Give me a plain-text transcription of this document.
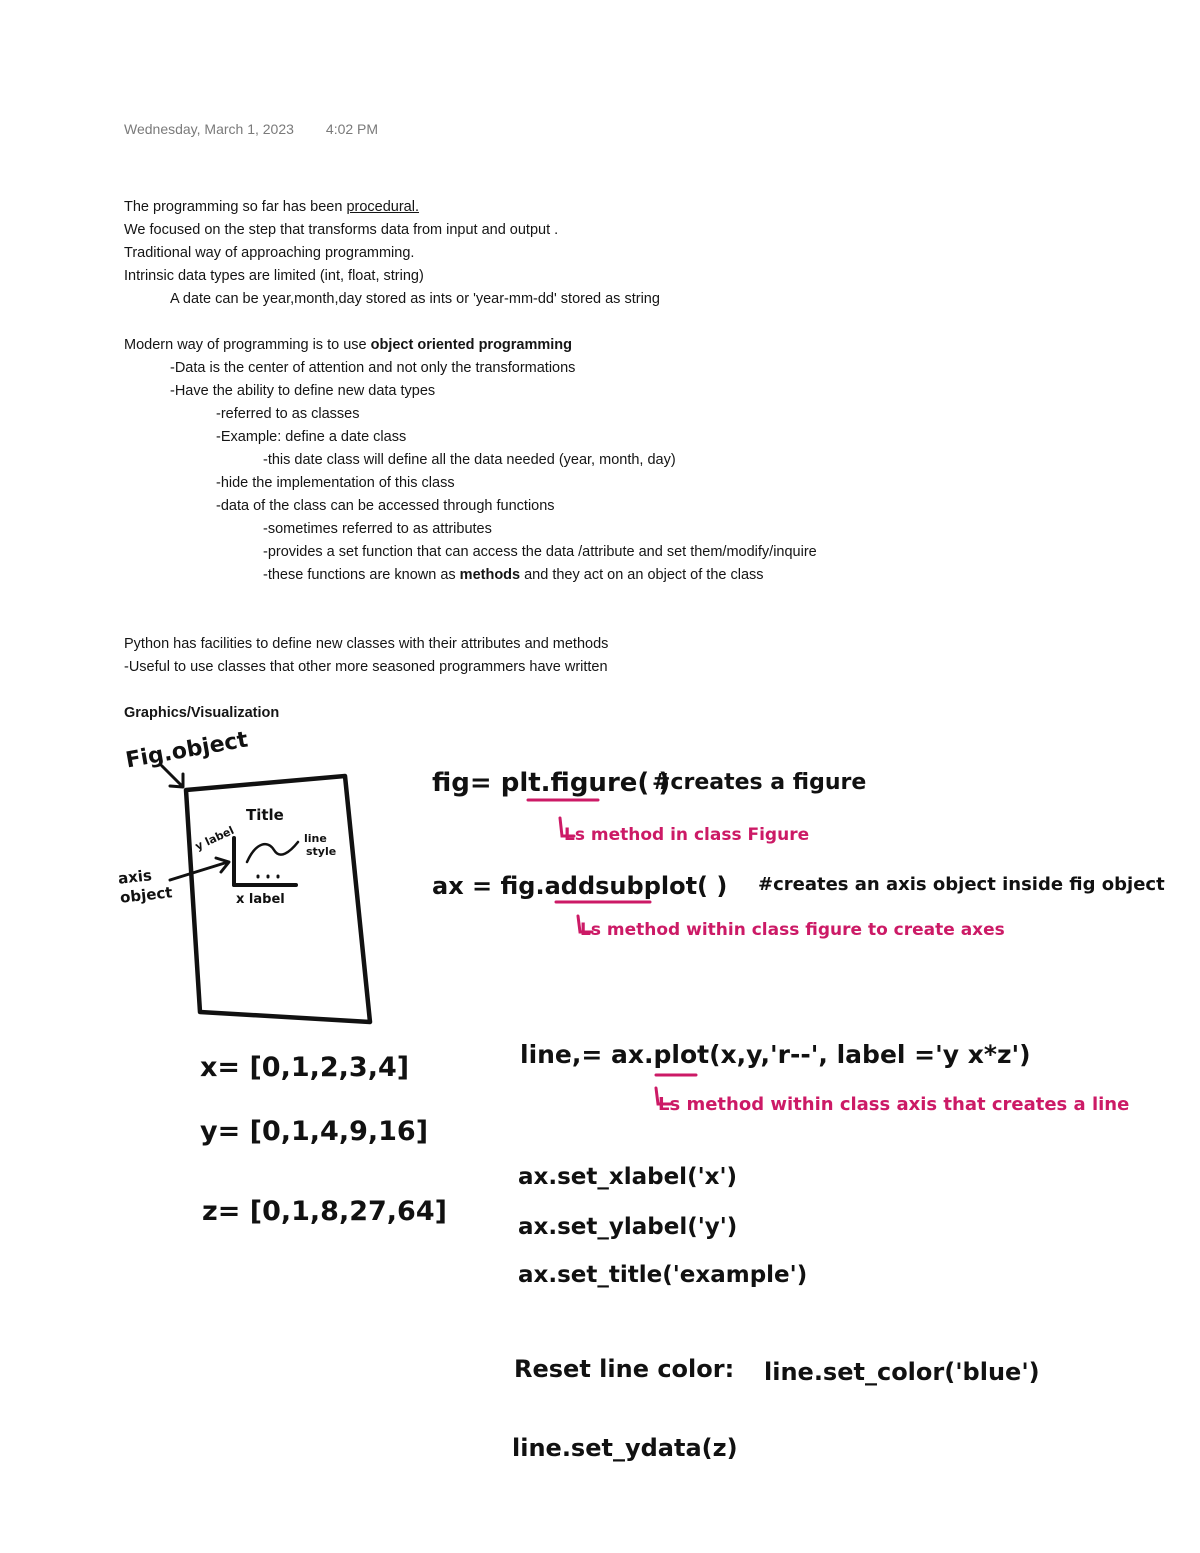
Wednesday, March 1, 2023 4:02 PM

The programming so far has been procedural.

We focused on the step that transforms data from input and output .

Traditional way of approaching programming.

Intrinsic data types are limited (int, float, string)

A date can be year,month,day stored as ints or 'year-mm-dd' stored as string

Modern way of programming is to use object oriented programming

-Data is the center of attention and not only the transformations

-Have the ability to define new data types

-referred to as classes

-Example: define a date class

-this date class will define all the data needed (year, month, day)

-hide the implementation of this class

-data of the class can be accessed through functions

-sometimes referred to as attributes

-provides a set function that can access the data /attribute and set them/modify/inquire

-these functions are known as methods and they act on an object of the class

Python has facilities to define new classes with their attributes and methods

-Useful to use classes that other more seasoned programmers have written

Graphics/Visualization

Fig.object
axis
object
Title
y label	line
style
x label
fig= plt.figure( )
#creates a figure
Ls method in class Figure
ax = fig.addsubplot( ) #creates an axis object inside fig object
Ls method within class figure to create axes
x= [0,1,2,3,4]
y= [0,1,4,9,16]
z= [0,1,8,27,64]
line,= ax.plot(x,y,'r--', label ='y x*z')
Ls method within class axis that creates a line
ax.set_xlabel('x')
ax.set_ylabel('y')
ax.set_title('example')
Reset line color: line.set_color('blue')
line.set_ydata(z)
